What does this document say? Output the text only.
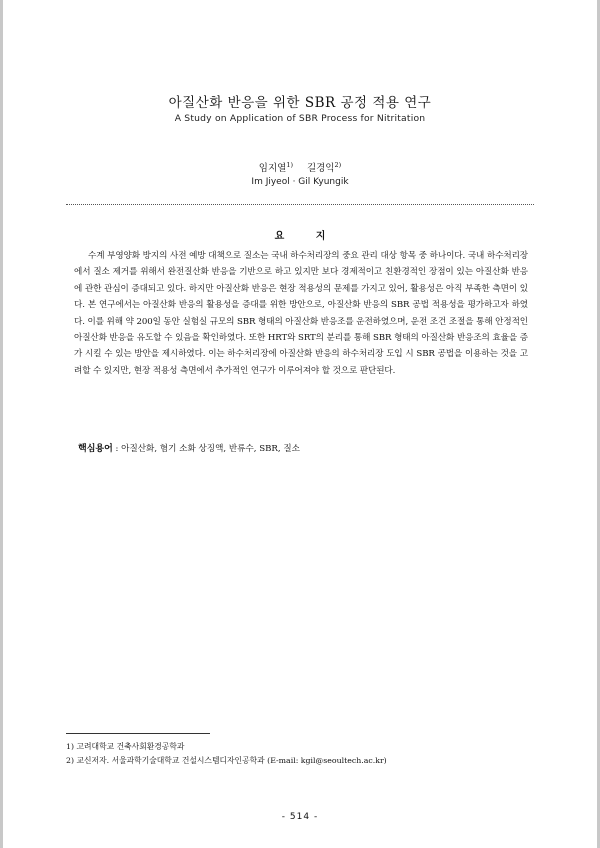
아질산화 반응을 위한 SBR 공정 적용 연구
A Study on Application of SBR Process for Nitritation
임지열$^{1)}$ 길경익$^{2)}$
Im Jiyeol · Gil Kyungik
요 지

수계 부영양화 방지의 사전 예방 대책으로 질소는 국내 하수처리장의 중요 관리 대상 항목 중 하나이다. 국내 하수처리장에서 질소 제거를 위해서 완전질산화 반응을 기반으로 하고 있지만 보다 경제적이고 친환경적인 장점이 있는 아질산화 반응에 관한 관심이 증대되고 있다. 하지만 아질산화 반응은 현장 적용성의 문제를 가지고 있어, 활용성은 아직 부족한 측면이 있다. 본 연구에서는 아질산화 반응의 활용성을 증대를 위한 방안으로, 아질산화 반응의 SBR 공법 적용성을 평가하고자 하였다. 이를 위해 약 200일 동안 실험실 규모의 SBR 형태의 아질산화 반응조를 운전하였으며, 운전 조건 조절을 통해 안정적인 아질산화 반응을 유도할 수 있음을 확인하였다. 또한 HRT와 SRT의 분리를 통해 SBR 형태의 아질산화 반응조의 효율을 증가 시킬 수 있는 방안을 제시하였다. 이는 하수처리장에 아질산화 반응의 하수처리장 도입 시 SBR 공법을 이용하는 것을 고려할 수 있지만, 현장 적용성 측면에서 추가적인 연구가 이루어져야 할 것으로 판단된다.

핵심용어 : 아질산화, 혐기 소화 상징액, 반류수, SBR, 질소
1) 고려대학교 건축사회환경공학과
2) 교신저자. 서울과학기술대학교 건설시스템디자인공학과 (E-mail: kgil@seoultech.ac.kr)
- 514 -
